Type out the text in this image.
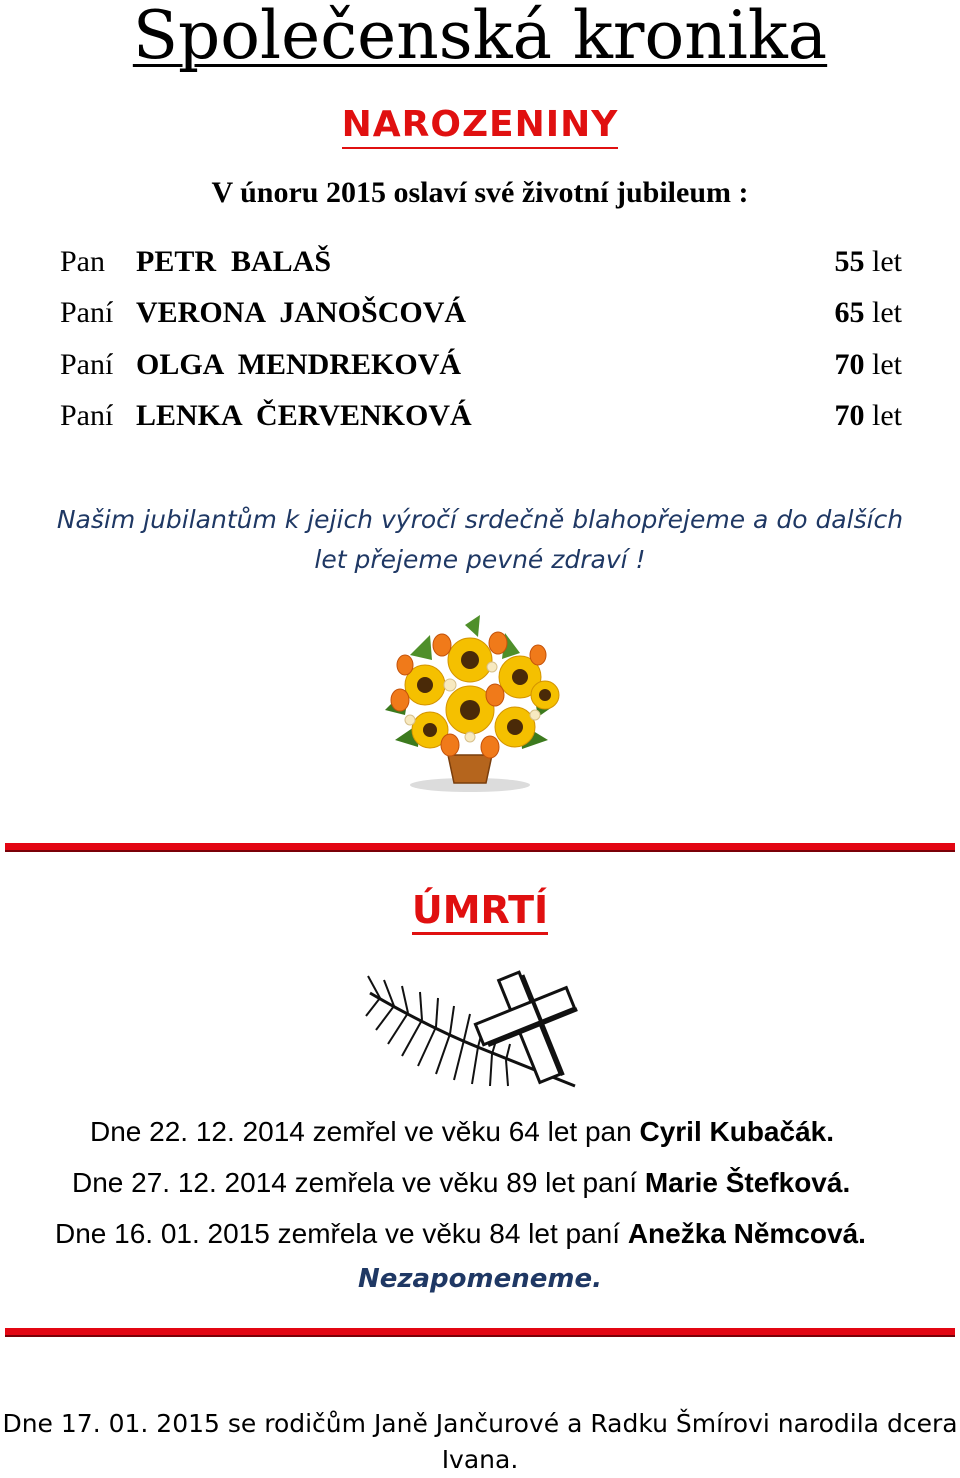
Společenská kronika
NAROZENINY
V únoru 2015 oslaví své životní jubileum :
Pan PETR  BALAŠ	55 let
Paní VERONA  JANOŠCOVÁ	65 let
Paní OLGA  MENDREKOVÁ	70 let
Paní LENKA  ČERVENKOVÁ	70 let
Našim jubilantům k jejich výročí srdečně blahopřejeme a do dalších
let přejeme pevné zdraví !
ÚMRTÍ
Dne 22. 12. 2014 zemřel ve věku 64 let pan Cyril Kubačák.
Dne 27. 12. 2014 zemřela ve věku 89 let paní Marie Štefková.
Dne 16. 01. 2015 zemřela ve věku 84 let paní Anežka Němcová.
Nezapomeneme.
Dne 17. 01. 2015 se rodičům Janě Jančurové a Radku Šmírovi narodila dcera
Ivana.
